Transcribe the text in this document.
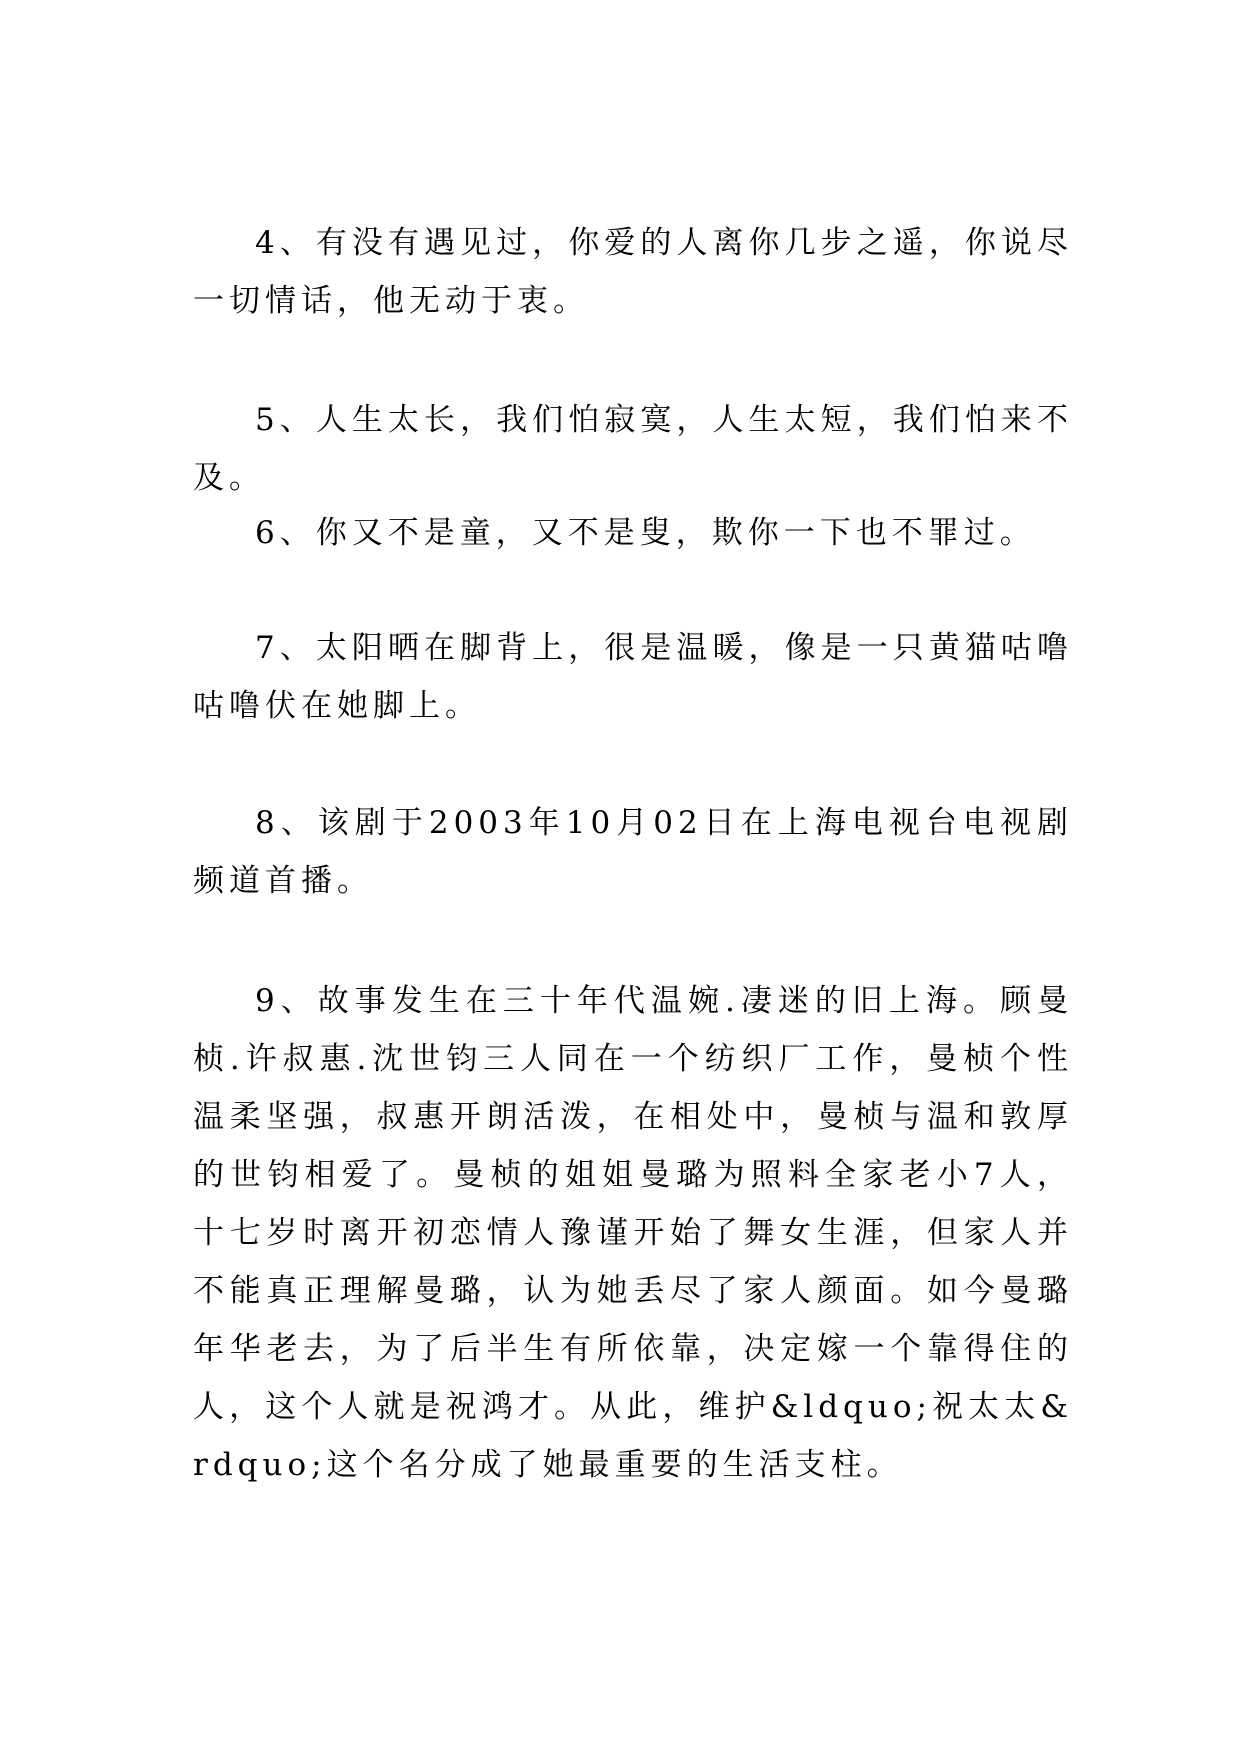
4、有没有遇见过，你爱的人离你几步之遥，你说尽一切情话，他无动于衷。

5、人生太长，我们怕寂寞，人生太短，我们怕来不及。

6、你又不是童，又不是叟，欺你一下也不罪过。

7、太阳晒在脚背上，很是温暖，像是一只黄猫咕噜咕噜伏在她脚上。

8、该剧于2003年10月02日在上海电视台电视剧频道首播。

9、故事发生在三十年代温婉.凄迷的旧上海。顾曼桢.许叔惠.沈世钧三人同在一个纺织厂工作，曼桢个性温柔坚强，叔惠开朗活泼，在相处中，曼桢与温和敦厚的世钧相爱了。曼桢的姐姐曼璐为照料全家老小7人，十七岁时离开初恋情人豫谨开始了舞女生涯，但家人并不能真正理解曼璐，认为她丢尽了家人颜面。如今曼璐年华老去，为了后半生有所依靠，决定嫁一个靠得住的人，这个人就是祝鸿才。从此，维护&ldquo;祝太太&rdquo;这个名分成了她最重要的生活支柱。
